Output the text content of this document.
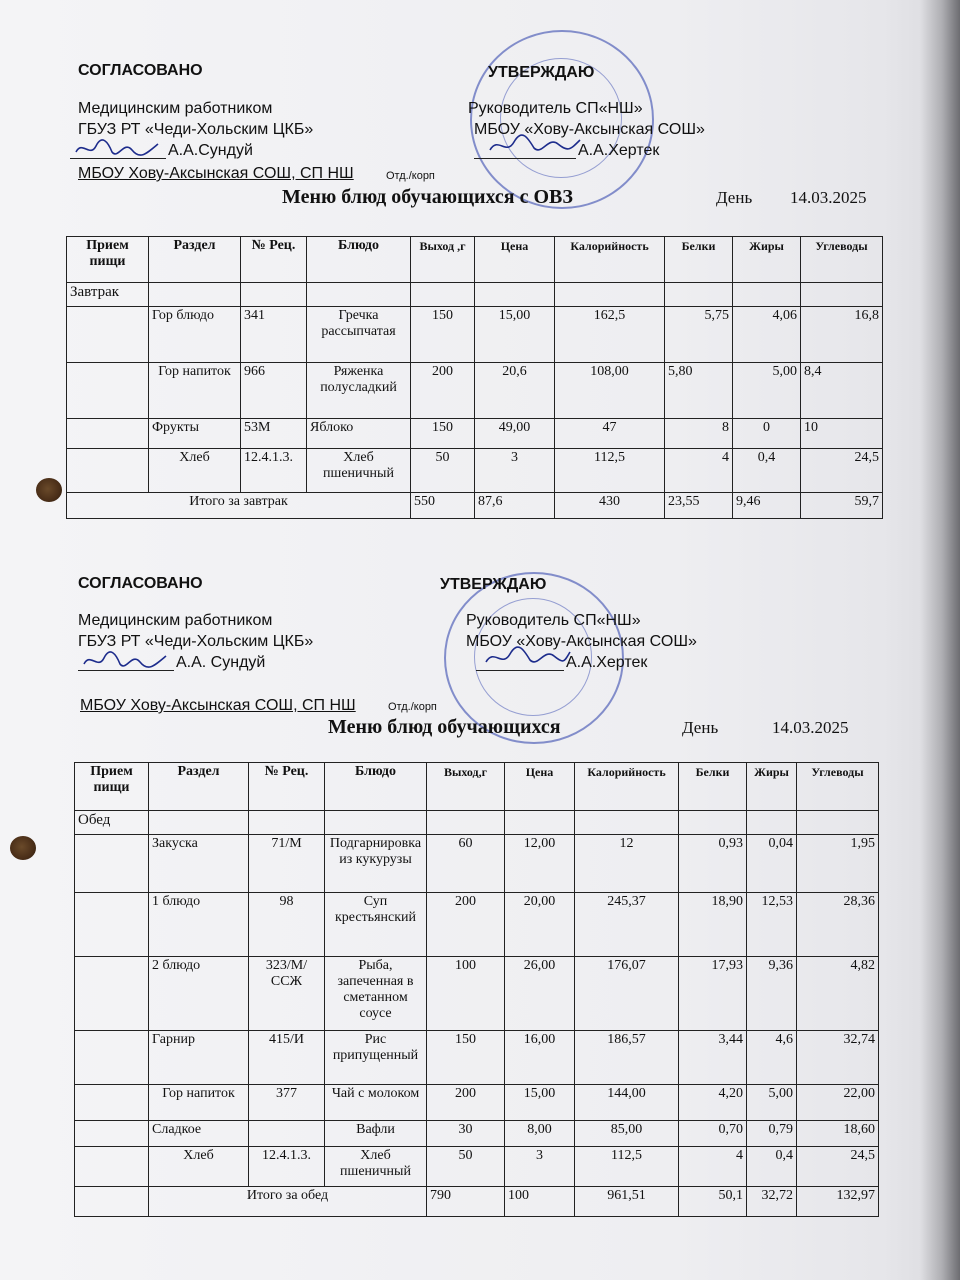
СОГЛАСОВАНО
Медицинским работником
ГБУЗ РТ «Чеди-Хольским ЦКБ»
А.А.Сундуй
МБОУ Хову-Аксынская СОШ, СП НШ	Отд./корп
УТВЕРЖДАЮ
Руководитель СП«НШ»
МБОУ «Хову-Аксынская СОШ»
А.А.Хертек
Меню блюд обучающихся с ОВЗ	День 14.03.2025
Прием пищи	Раздел	№ Рец.	Блюдо	Выход ,г	Цена	Калорийность	Белки	Жиры	Углеводы
Завтрак									
	Гор блюдо	341	Гречка рассыпчатая	150	15,00	162,5	5,75	4,06	16,8
	Гор напиток	966	Ряженка полусладкий	200	20,6	108,00	5,80	5,00	8,4
	Фрукты	53М	Яблоко	150	49,00	47	8	0	10
	Хлеб	12.4.1.3.	Хлеб пшеничный	50	3	112,5	4	0,4	24,5
Итого за завтрак				550	87,6	430	23,55	9,46	59,7
СОГЛАСОВАНО
Медицинским работником
ГБУЗ РТ «Чеди-Хольским ЦКБ»
А.А. Сундуй
МБОУ Хову-Аксынская СОШ, СП НШ	Отд./корп
УТВЕРЖДАЮ
Руководитель СП«НШ»
МБОУ «Хову-Аксынская СОШ»
А.А.Хертек
Меню блюд обучающихся	День	14.03.2025
Прием пищи	Раздел	№ Рец.	Блюдо	Выход,г	Цена	Калорийность	Белки	Жиры	Углеводы
Обед									
	Закуска	71/М	Подгарнировка из кукурузы	60	12,00	12	0,93	0,04	1,95
	1 блюдо	98	Суп крестьянский	200	20,00	245,37	18,90	12,53	28,36
	2 блюдо	323/М/ССЖ	Рыба, запеченная в сметанном соусе	100	26,00	176,07	17,93	9,36	4,82
	Гарнир	415/И	Рис припущенный	150	16,00	186,57	3,44	4,6	32,74
	Гор напиток	377	Чай с молоком	200	15,00	144,00	4,20	5,00	22,00
	Сладкое		Вафли	30	8,00	85,00	0,70	0,79	18,60
	Хлеб	12.4.1.3.	Хлеб пшеничный	50	3	112,5	4	0,4	24,5
	Итого за обед			790	100	961,51	50,1	32,72	132,97
